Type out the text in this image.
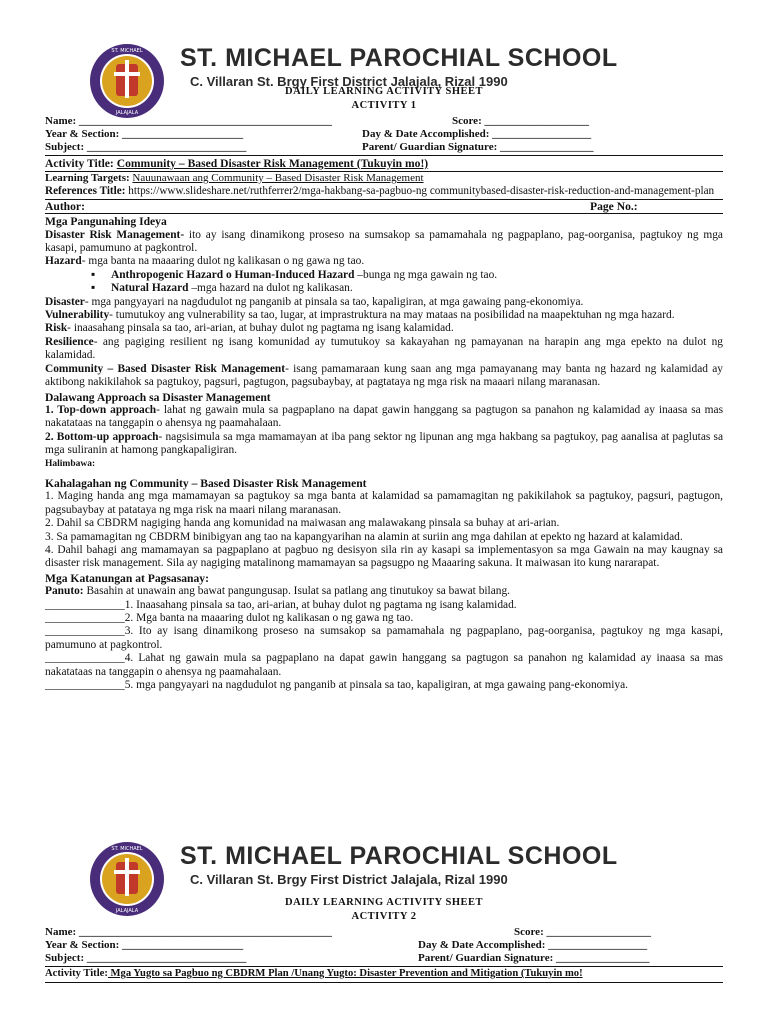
ST. MICHAEL
JALAJALA
ST. MICHAEL PAROCHIAL SCHOOL
C. Villaran St. Brgy First District Jalajala, Rizal 1990
DAILY LEARNING ACTIVITY SHEET
ACTIVITY 1
Name: ______________________________________________	Score: ___________________
Year & Section: ______________________	Day & Date Accomplished: __________________
Subject: _____________________________	Parent/ Guardian Signature: _________________
Activity Title: Community – Based Disaster Risk Management (Tukuyin mo!)
Learning Targets: Nauunawaan ang Community – Based Disaster Risk Management
References Title: https://www.slideshare.net/ruthferrer2/mga-hakbang-sa-pagbuo-ng communitybased-disaster-risk-reduction-and-management-plan
Author:	Page No.:
Mga Pangunahing Ideya

Disaster Risk Management- ito ay isang dinamikong proseso na sumsakop sa pamamahala ng pagpaplano, pag-oorganisa, pagtukoy ng mga kasapi, pamumuno at pagkontrol.

Hazard- mga banta na maaaring dulot ng kalikasan o ng gawa ng tao.

▪ Anthropogenic Hazard o Human-Induced Hazard –bunga ng mga gawain ng tao.
▪ Natural Hazard –mga hazard na dulot ng kalikasan.

Disaster- mga pangyayari na nagdudulot ng panganib at pinsala sa tao, kapaligiran, at mga gawaing pang-ekonomiya.

Vulnerability- tumutukoy ang vulnerability sa tao, lugar, at imprastruktura na may mataas na posibilidad na maapektuhan ng mga hazard.

Risk- inaasahang pinsala sa tao, ari-arian, at buhay dulot ng pagtama ng isang kalamidad.

Resilience- ang pagiging resilient ng isang komunidad ay tumutukoy sa kakayahan ng pamayanan na harapin ang mga epekto na dulot ng kalamidad.

Community – Based Disaster Risk Management- isang pamamaraan kung saan ang mga pamayanang may banta ng hazard ng kalamidad ay aktibong nakikilahok sa pagtukoy, pagsuri, pagtugon, pagsubaybay, at pagtataya ng mga risk na maaari nilang maranasan.

Dalawang Approach sa Disaster Management

1. Top-down approach- lahat ng gawain mula sa pagpaplano na dapat gawin hanggang sa pagtugon sa panahon ng kalamidad ay inaasa sa mas nakatataas na tanggapin o ahensya ng paamahalaan.

2. Bottom-up approach- nagsisimula sa mga mamamayan at iba pang sektor ng lipunan ang mga hakbang sa pagtukoy, pag aanalisa at paglutas sa mga suliranin at hamong pangkapaligiran.

Halimbawa:
Kahalagahan ng Community – Based Disaster Risk Management

1. Maging handa ang mga mamamayan sa pagtukoy sa mga banta at kalamidad sa pamamagitan ng pakikilahok sa pagtukoy, pagsuri, pagtugon, pagsubaybay at patataya ng mga risk na maari nilang maranasan.

2. Dahil sa CBDRM nagiging handa ang komunidad na maiwasan ang malawakang pinsala sa buhay at ari-arian.

3. Sa pamamagitan ng CBDRM binibigyan ang tao na kapangyarihan na alamin at suriin ang mga dahilan at epekto ng hazard at kalamidad.

4. Dahil bahagi ang mamamayan sa pagpaplano at pagbuo ng desisyon sila rin ay kasapi sa implementasyon sa mga Gawain na may kaugnay sa disaster risk management. Sila ay nagiging matalinong mamamayan sa pagsugpo ng Maaaring sakuna. It maiwasan ito kung nararapat.

Mga Katanungan at Pagsasanay:

Panuto: Basahin at unawain ang bawat pangungusap. Isulat sa patlang ang tinutukoy sa bawat bilang.

______________1. Inaasahang pinsala sa tao, ari-arian, at buhay dulot ng pagtama ng isang kalamidad.

______________2. Mga banta na maaaring dulot ng kalikasan o ng gawa ng tao.

______________3. Ito ay isang dinamikong proseso na sumsakop sa pamamahala ng pagpaplano, pag-oorganisa, pagtukoy ng mga kasapi, pamumuno at pagkontrol.

______________4. Lahat ng gawain mula sa pagpaplano na dapat gawin hanggang sa pagtugon sa panahon ng kalamidad ay inaasa sa mas nakatataas na tanggapin o ahensya ng paamahalaan.

______________5. mga pangyayari na nagdudulot ng panganib at pinsala sa tao, kapaligiran, at mga gawaing pang-ekonomiya.

ST. MICHAEL
JALAJALA
ST. MICHAEL PAROCHIAL SCHOOL
C. Villaran St. Brgy First District Jalajala, Rizal 1990
DAILY LEARNING ACTIVITY SHEET
ACTIVITY 2
Name: ______________________________________________	Score: ___________________
Year & Section: ______________________	Day & Date Accomplished: __________________
Subject: _____________________________	Parent/ Guardian Signature: _________________
Activity Title: Mga Yugto sa Pagbuo ng CBDRM Plan /Unang Yugto: Disaster Prevention and Mitigation (Tukuyin mo!
